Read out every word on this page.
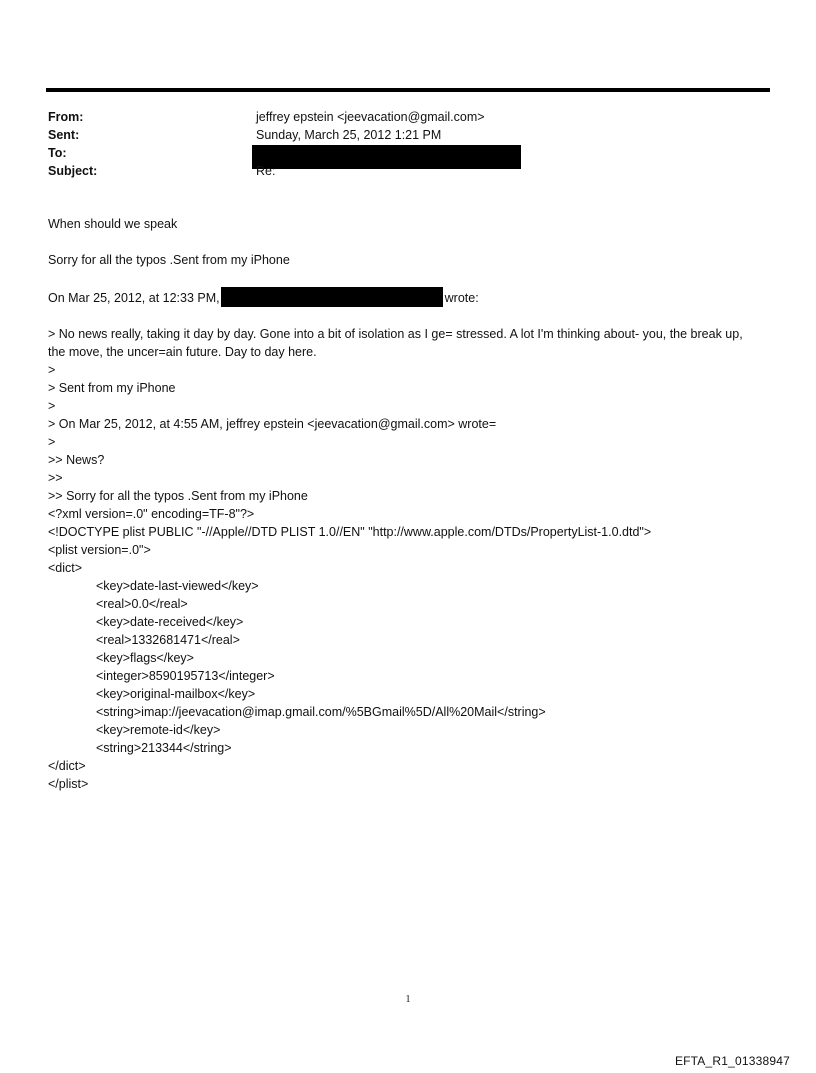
From:	jeffrey epstein <jeevacation@gmail.com>
Sent:	Sunday, March 25, 2012 1:21 PM
To:
Subject:	Re:

When should we speak

Sorry for all the typos .Sent from my iPhone

On Mar 25, 2012, at 12:33 PM,	wrote:

> No news really, taking it day by day. Gone into a bit of isolation as I ge= stressed. A lot I'm thinking about- you, the break up, the move, the uncer=ain future. Day to day here.

>

> Sent from my iPhone

>

> On Mar 25, 2012, at 4:55 AM, jeffrey epstein <jeevacation@gmail.com> wrote=

>

>> News?

>>

>> Sorry for all the typos .Sent from my iPhone

<?xml version=.0" encoding=TF-8"?>

<!DOCTYPE plist PUBLIC "-//Apple//DTD PLIST 1.0//EN" "http://www.apple.com/DTDs/PropertyList-1.0.dtd">

<plist version=.0">

<dict>

<key>date-last-viewed</key>

<real>0.0</real>

<key>date-received</key>

<real>1332681471</real>

<key>flags</key>

<integer>8590195713</integer>

<key>original-mailbox</key>

<string>imap://jeevacation@imap.gmail.com/%5BGmail%5D/All%20Mail</string>

<key>remote-id</key>

<string>213344</string>

</dict>

</plist>

1
EFTA_R1_01338947
